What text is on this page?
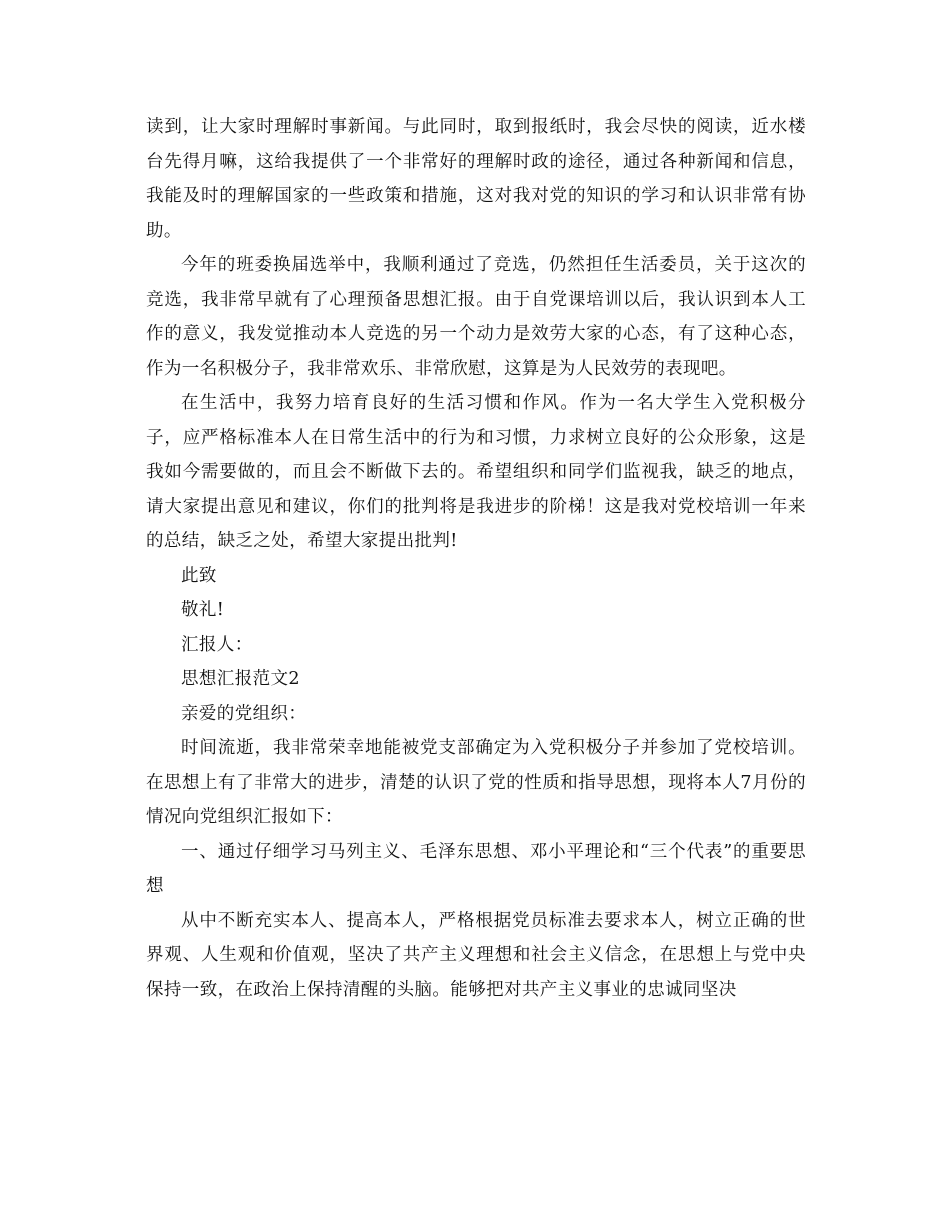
读到，让大家时理解时事新闻。与此同时，取到报纸时，我会尽快的阅读，近水楼台先得月嘛，这给我提供了一个非常好的理解时政的途径，通过各种新闻和信息，我能及时的理解国家的一些政策和措施，这对我对党的知识的学习和认识非常有协助。

今年的班委换届选举中，我顺利通过了竞选，仍然担任生活委员，关于这次的竞选，我非常早就有了心理预备思想汇报。由于自党课培训以后，我认识到本人工作的意义，我发觉推动本人竞选的另一个动力是效劳大家的心态，有了这种心态，作为一名积极分子，我非常欢乐、非常欣慰，这算是为人民效劳的表现吧。

在生活中，我努力培育良好的生活习惯和作风。作为一名大学生入党积极分子，应严格标准本人在日常生活中的行为和习惯，力求树立良好的公众形象，这是我如今需要做的，而且会不断做下去的。希望组织和同学们监视我，缺乏的地点，请大家提出意见和建议，你们的批判将是我进步的阶梯！这是我对党校培训一年来的总结，缺乏之处，希望大家提出批判!

此致

敬礼!

汇报人：

思想汇报范文2

亲爱的党组织：

时间流逝，我非常荣幸地能被党支部确定为入党积极分子并参加了党校培训。在思想上有了非常大的进步，清楚的认识了党的性质和指导思想，现将本人7月份的情况向党组织汇报如下：

一、通过仔细学习马列主义、毛泽东思想、邓小平理论和“三个代表”的重要思想

从中不断充实本人、提高本人，严格根据党员标准去要求本人，树立正确的世界观、人生观和价值观，坚决了共产主义理想和社会主义信念，在思想上与党中央保持一致，在政治上保持清醒的头脑。能够把对共产主义事业的忠诚同坚决
